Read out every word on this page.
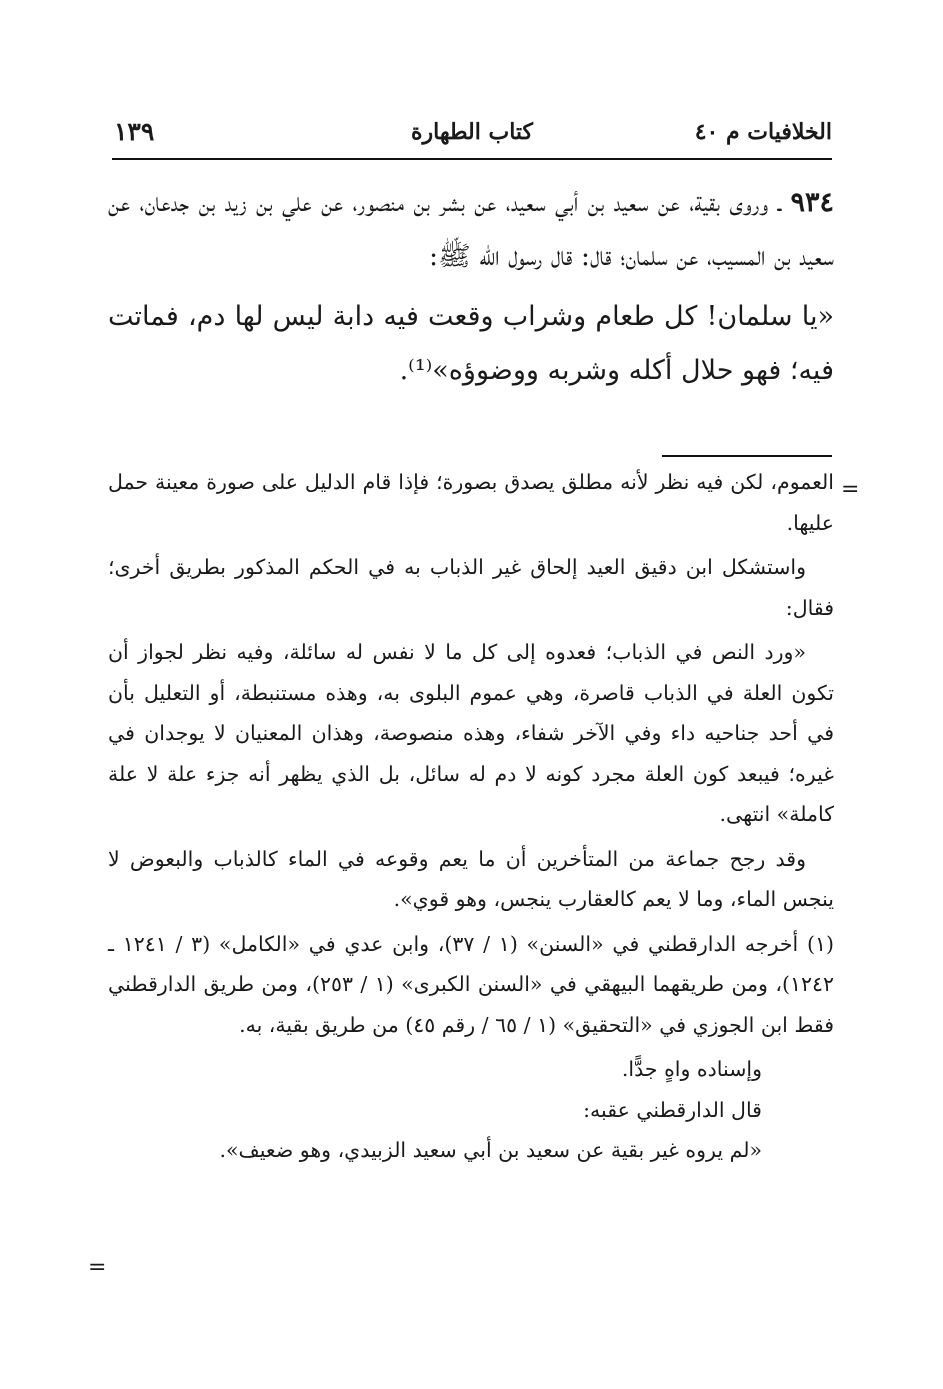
الخلافيات م ٤٠
كتاب الطهارة
١٣٩

٩٣٤ ـ وروى بقية، عن سعيد بن أبي سعيد، عن بشر بن منصور، عن علي بن زيد بن جدعان، عن سعيد بن المسيب، عن سلمان؛ قال: قال رسول الله ﷺ:

«يا سلمان! كل طعام وشراب وقعت فيه دابة ليس لها دم، فماتت فيه؛ فهو حلال أكله وشربه ووضوؤه»⁽¹⁾.

=

العموم، لكن فيه نظر لأنه مطلق يصدق بصورة؛ فإذا قام الدليل على صورة معينة حمل عليها.

واستشكل ابن دقيق العيد إلحاق غير الذباب به في الحكم المذكور بطريق أخرى؛ فقال:

«ورد النص في الذباب؛ فعدوه إلى كل ما لا نفس له سائلة، وفيه نظر لجواز أن تكون العلة في الذباب قاصرة، وهي عموم البلوى به، وهذه مستنبطة، أو التعليل بأن في أحد جناحيه داء وفي الآخر شفاء، وهذه منصوصة، وهذان المعنيان لا يوجدان في غيره؛ فيبعد كون العلة مجرد كونه لا دم له سائل، بل الذي يظهر أنه جزء علة لا علة كاملة» انتهى.

وقد رجح جماعة من المتأخرين أن ما يعم وقوعه في الماء كالذباب والبعوض لا ينجس الماء، وما لا يعم كالعقارب ينجس، وهو قوي».

(١) أخرجه الدارقطني في «السنن» (١ / ٣٧)، وابن عدي في «الكامل» (٣ / ١٢٤١ ـ ١٢٤٢)، ومن طريقهما البيهقي في «السنن الكبرى» (١ / ٢٥٣)، ومن طريق الدارقطني فقط ابن الجوزي في «التحقيق» (١ / ٦٥ / رقم ٤٥) من طريق بقية، به.

وإسناده واهٍ جدًّا.

قال الدارقطني عقبه:

«لم يروه غير بقية عن سعيد بن أبي سعيد الزبيدي، وهو ضعيف».

=
